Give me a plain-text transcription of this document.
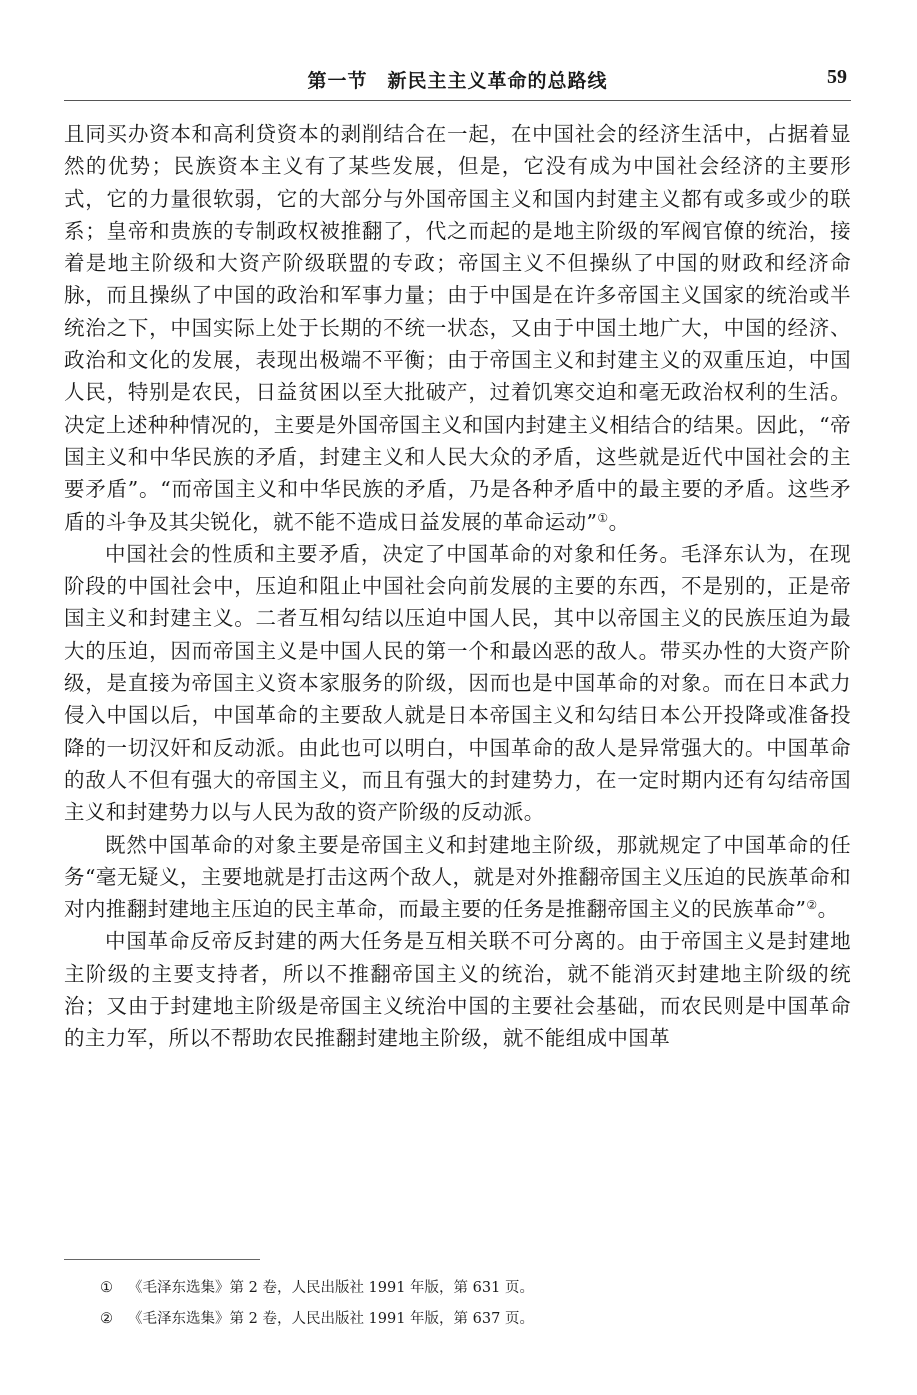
第一节　新民主主义革命的总路线	59

且同买办资本和高利贷资本的剥削结合在一起，在中国社会的经济生活中，占据着显然的优势；民族资本主义有了某些发展，但是，它没有成为中国社会经济的主要形式，它的力量很软弱，它的大部分与外国帝国主义和国内封建主义都有或多或少的联系；皇帝和贵族的专制政权被推翻了，代之而起的是地主阶级的军阀官僚的统治，接着是地主阶级和大资产阶级联盟的专政；帝国主义不但操纵了中国的财政和经济命脉，而且操纵了中国的政治和军事力量；由于中国是在许多帝国主义国家的统治或半统治之下，中国实际上处于长期的不统一状态，又由于中国土地广大，中国的经济、政治和文化的发展，表现出极端不平衡；由于帝国主义和封建主义的双重压迫，中国人民，特别是农民，日益贫困以至大批破产，过着饥寒交迫和毫无政治权利的生活。决定上述种种情况的，主要是外国帝国主义和国内封建主义相结合的结果。因此，“帝国主义和中华民族的矛盾，封建主义和人民大众的矛盾，这些就是近代中国社会的主要矛盾”。“而帝国主义和中华民族的矛盾，乃是各种矛盾中的最主要的矛盾。这些矛盾的斗争及其尖锐化，就不能不造成日益发展的革命运动”①。

中国社会的性质和主要矛盾，决定了中国革命的对象和任务。毛泽东认为，在现阶段的中国社会中，压迫和阻止中国社会向前发展的主要的东西，不是别的，正是帝国主义和封建主义。二者互相勾结以压迫中国人民，其中以帝国主义的民族压迫为最大的压迫，因而帝国主义是中国人民的第一个和最凶恶的敌人。带买办性的大资产阶级，是直接为帝国主义资本家服务的阶级，因而也是中国革命的对象。而在日本武力侵入中国以后，中国革命的主要敌人就是日本帝国主义和勾结日本公开投降或准备投降的一切汉奸和反动派。由此也可以明白，中国革命的敌人是异常强大的。中国革命的敌人不但有强大的帝国主义，而且有强大的封建势力，在一定时期内还有勾结帝国主义和封建势力以与人民为敌的资产阶级的反动派。

既然中国革命的对象主要是帝国主义和封建地主阶级，那就规定了中国革命的任务“毫无疑义，主要地就是打击这两个敌人，就是对外推翻帝国主义压迫的民族革命和对内推翻封建地主压迫的民主革命，而最主要的任务是推翻帝国主义的民族革命”②。

中国革命反帝反封建的两大任务是互相关联不可分离的。由于帝国主义是封建地主阶级的主要支持者，所以不推翻帝国主义的统治，就不能消灭封建地主阶级的统治；又由于封建地主阶级是帝国主义统治中国的主要社会基础，而农民则是中国革命的主力军，所以不帮助农民推翻封建地主阶级，就不能组成中国革

① 《毛泽东选集》第 2 卷，人民出版社 1991 年版，第 631 页。
② 《毛泽东选集》第 2 卷，人民出版社 1991 年版，第 637 页。
